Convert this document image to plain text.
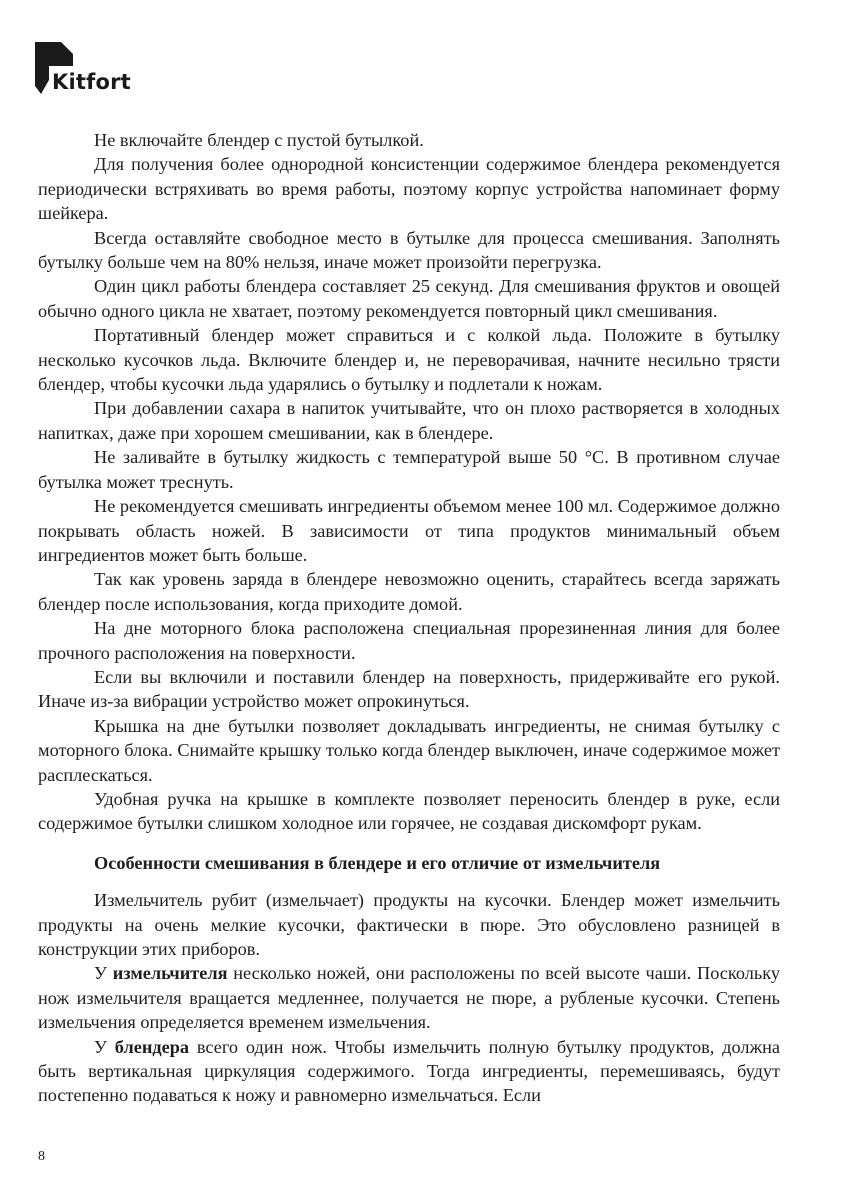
Kitfort

Не включайте блендер с пустой бутылкой.

Для получения более однородной консистенции содержимое блендера рекомендуется периодически встряхивать во время работы, поэтому корпус устройства напоминает форму шейкера.

Всегда оставляйте свободное место в бутылке для процесса смешивания. Заполнять бутылку больше чем на 80% нельзя, иначе может произойти перегрузка.

Один цикл работы блендера составляет 25 секунд. Для смешивания фруктов и овощей обычно одного цикла не хватает, поэтому рекомендуется повторный цикл смешивания.

Портативный блендер может справиться и с колкой льда. Положите в бутылку несколько кусочков льда. Включите блендер и, не переворачивая, начните несильно трясти блендер, чтобы кусочки льда ударялись о бутылку и подлетали к ножам.

При добавлении сахара в напиток учитывайте, что он плохо растворяется в холодных напитках, даже при хорошем смешивании, как в блендере.

Не заливайте в бутылку жидкость с температурой выше 50 °С. В противном случае бутылка может треснуть.

Не рекомендуется смешивать ингредиенты объемом менее 100 мл. Содержимое должно покрывать область ножей. В зависимости от типа продуктов минимальный объем ингредиентов может быть больше.

Так как уровень заряда в блендере невозможно оценить, старайтесь всегда заряжать блендер после использования, когда приходите домой.

На дне моторного блока расположена специальная прорезиненная линия для более прочного расположения на поверхности.

Если вы включили и поставили блендер на поверхность, придерживайте его рукой. Иначе из-за вибрации устройство может опрокинуться.

Крышка на дне бутылки позволяет докладывать ингредиенты, не снимая бутылку с моторного блока. Снимайте крышку только когда блендер выключен, иначе содержимое может расплескаться.

Удобная ручка на крышке в комплекте позволяет переносить блендер в руке, если содержимое бутылки слишком холодное или горячее, не создавая дискомфорт рукам.

Особенности смешивания в блендере и его отличие от измельчителя

Измельчитель рубит (измельчает) продукты на кусочки. Блендер может измельчить продукты на очень мелкие кусочки, фактически в пюре. Это обусловлено разницей в конструкции этих приборов.

У измельчителя несколько ножей, они расположены по всей высоте чаши. Поскольку нож измельчителя вращается медленнее, получается не пюре, а рубленые кусочки. Степень измельчения определяется временем измельчения.

У блендера всего один нож. Чтобы измельчить полную бутылку продуктов, должна быть вертикальная циркуляция содержимого. Тогда ингредиенты, перемешиваясь, будут постепенно подаваться к ножу и равномерно измельчаться. Если

8
